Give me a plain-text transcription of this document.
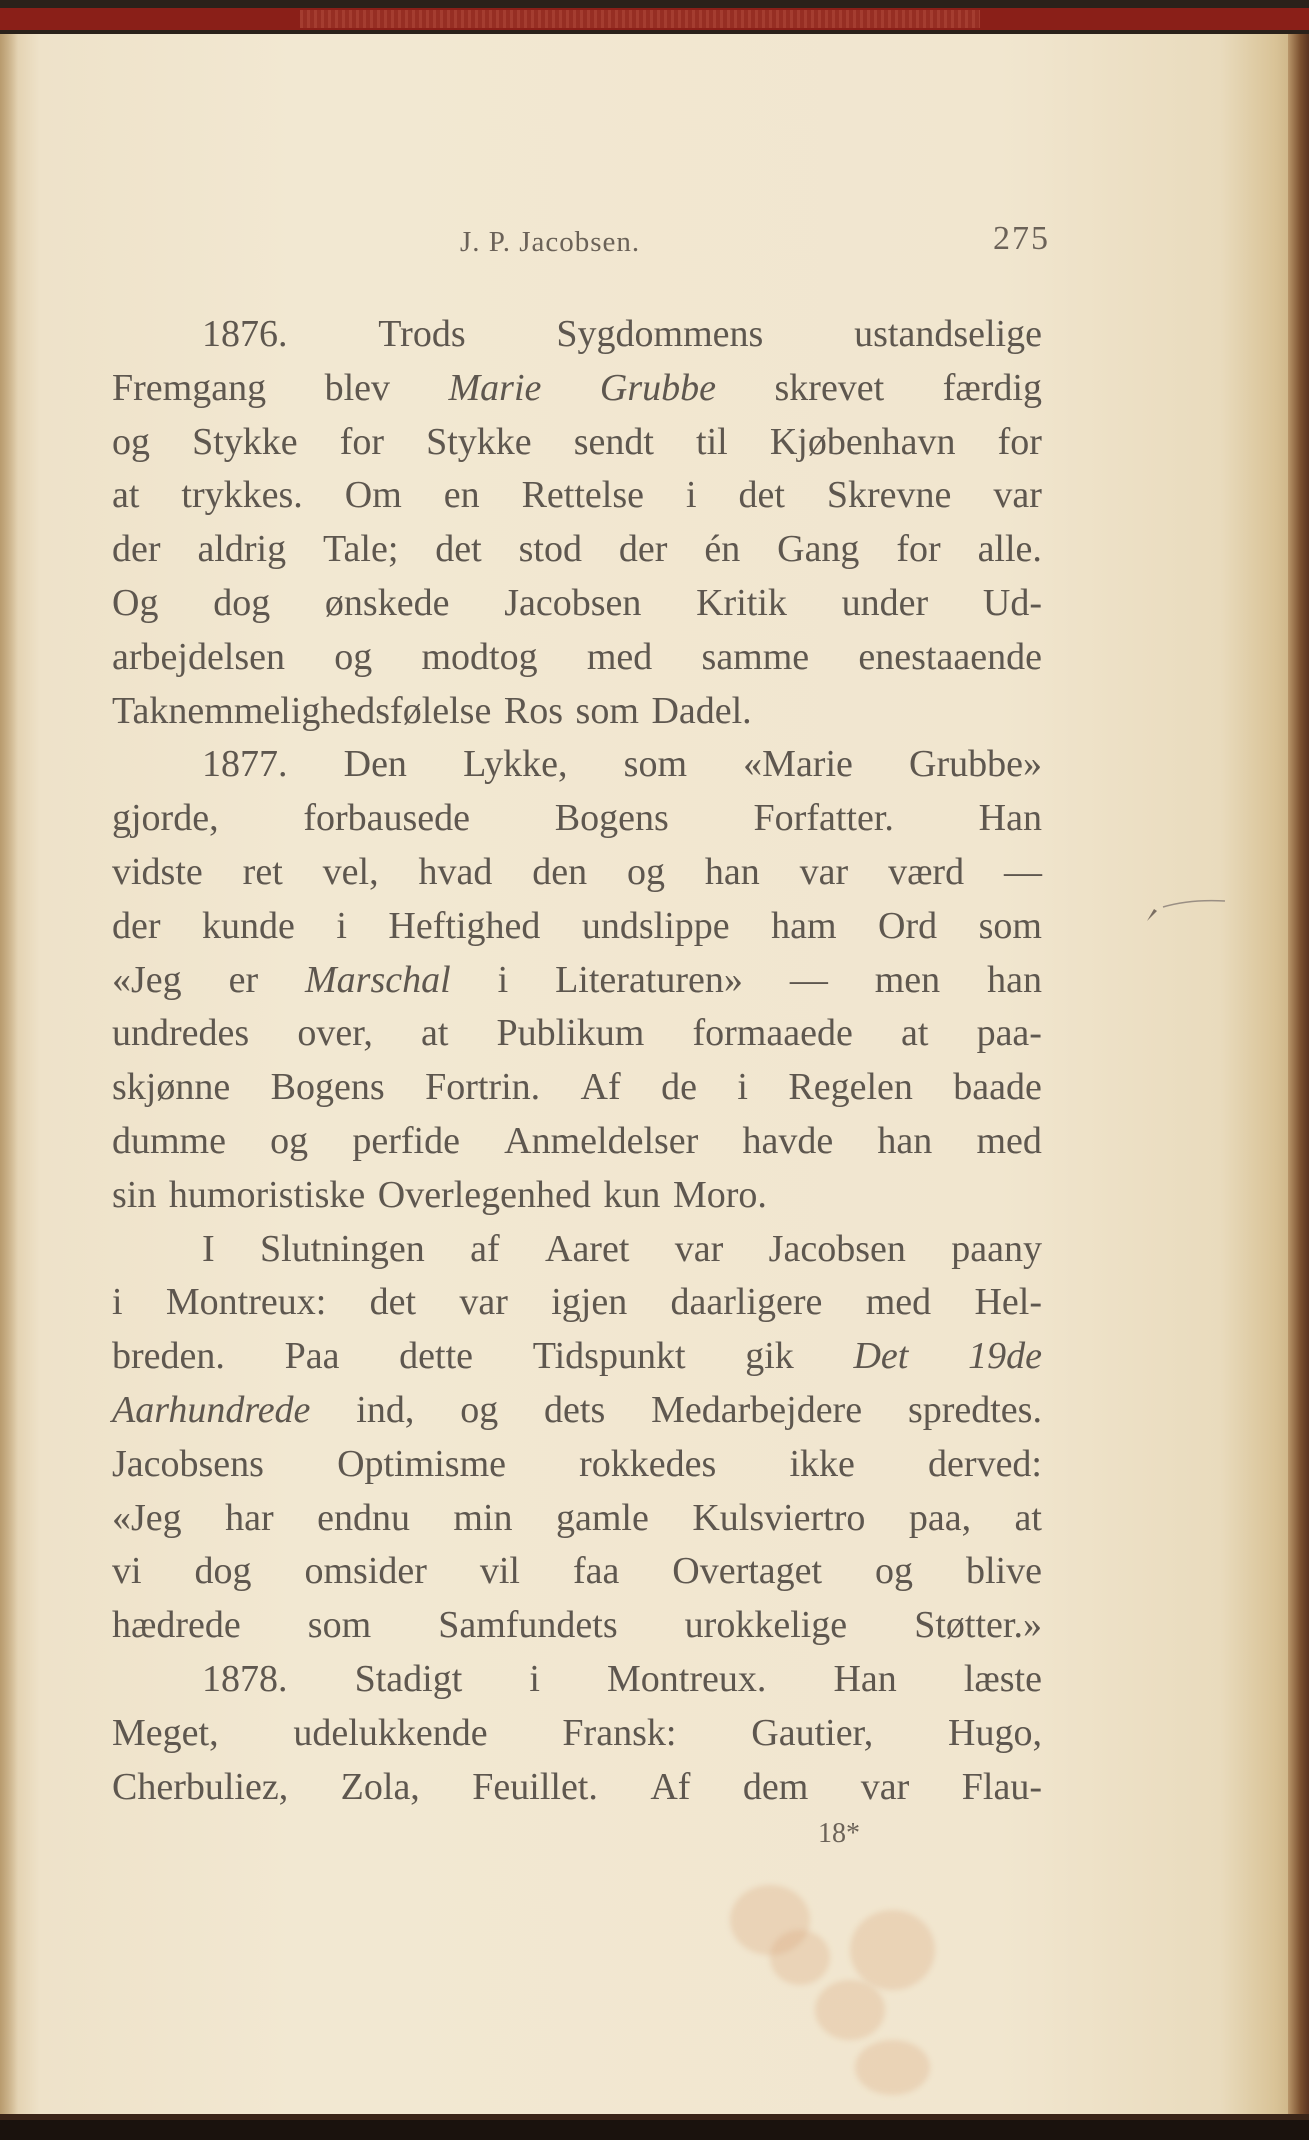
J. P. Jacobsen.	275
1876. Trods Sygdommens ustandselige
Fremgang blev Marie Grubbe skrevet færdig
og Stykke for Stykke sendt til Kjøbenhavn for
at trykkes. Om en Rettelse i det Skrevne var
der aldrig Tale; det stod der én Gang for alle.
Og dog ønskede Jacobsen Kritik under Ud-
arbejdelsen og modtog med samme enestaaende
Taknemmelighedsfølelse Ros som Dadel.
1877. Den Lykke, som «Marie Grubbe»
gjorde, forbausede Bogens Forfatter. Han
vidste ret vel, hvad den og han var værd —
der kunde i Heftighed undslippe ham Ord som
«Jeg er Marschal i Literaturen» — men han
undredes over, at Publikum formaaede at paa-
skjønne Bogens Fortrin. Af de i Regelen baade
dumme og perfide Anmeldelser havde han med
sin humoristiske Overlegenhed kun Moro.
I Slutningen af Aaret var Jacobsen paany
i Montreux: det var igjen daarligere med Hel-
breden. Paa dette Tidspunkt gik Det 19de
Aarhundrede ind, og dets Medarbejdere spredtes.
Jacobsens Optimisme rokkedes ikke derved:
«Jeg har endnu min gamle Kulsviertro paa, at
vi dog omsider vil faa Overtaget og blive
hædrede som Samfundets urokkelige Støtter.»
1878. Stadigt i Montreux. Han læste
Meget, udelukkende Fransk: Gautier, Hugo,
Cherbuliez, Zola, Feuillet. Af dem var Flau-
18*
